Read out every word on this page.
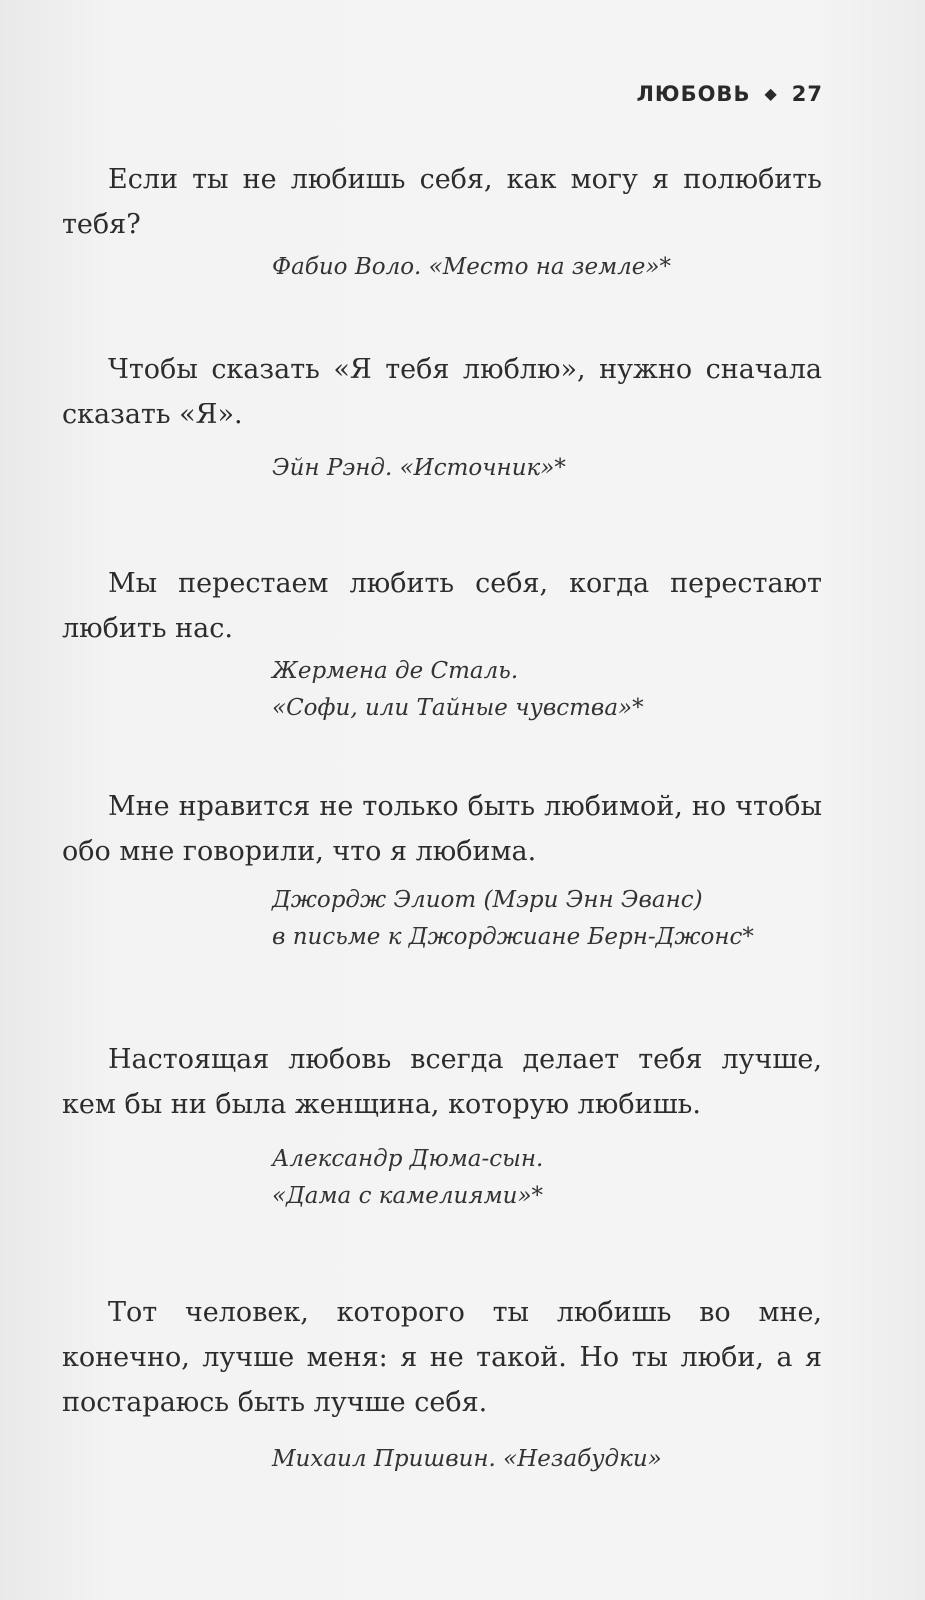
ЛЮБОВЬ ◆ 27

Если ты не любишь себя, как могу я полюбить тебя?

Фабио Воло. «Место на земле»*

Чтобы сказать «Я тебя люблю», нужно сначала сказать «Я».

Эйн Рэнд. «Источник»*

Мы перестаем любить себя, когда перестают любить нас.

Жермена де Сталь.
«Софи, или Тайные чувства»*

Мне нравится не только быть любимой, но чтобы обо мне говорили, что я любима.

Джордж Элиот (Мэри Энн Эванс)
в письме к Джорджиане Берн-Джонс*

Настоящая любовь всегда делает тебя лучше, кем бы ни была женщина, которую любишь.

Александр Дюма-сын.
«Дама с камелиями»*

Тот человек, которого ты любишь во мне, конечно, лучше меня: я не такой. Но ты люби, а я постараюсь быть лучше себя.

Михаил Пришвин. «Незабудки»
